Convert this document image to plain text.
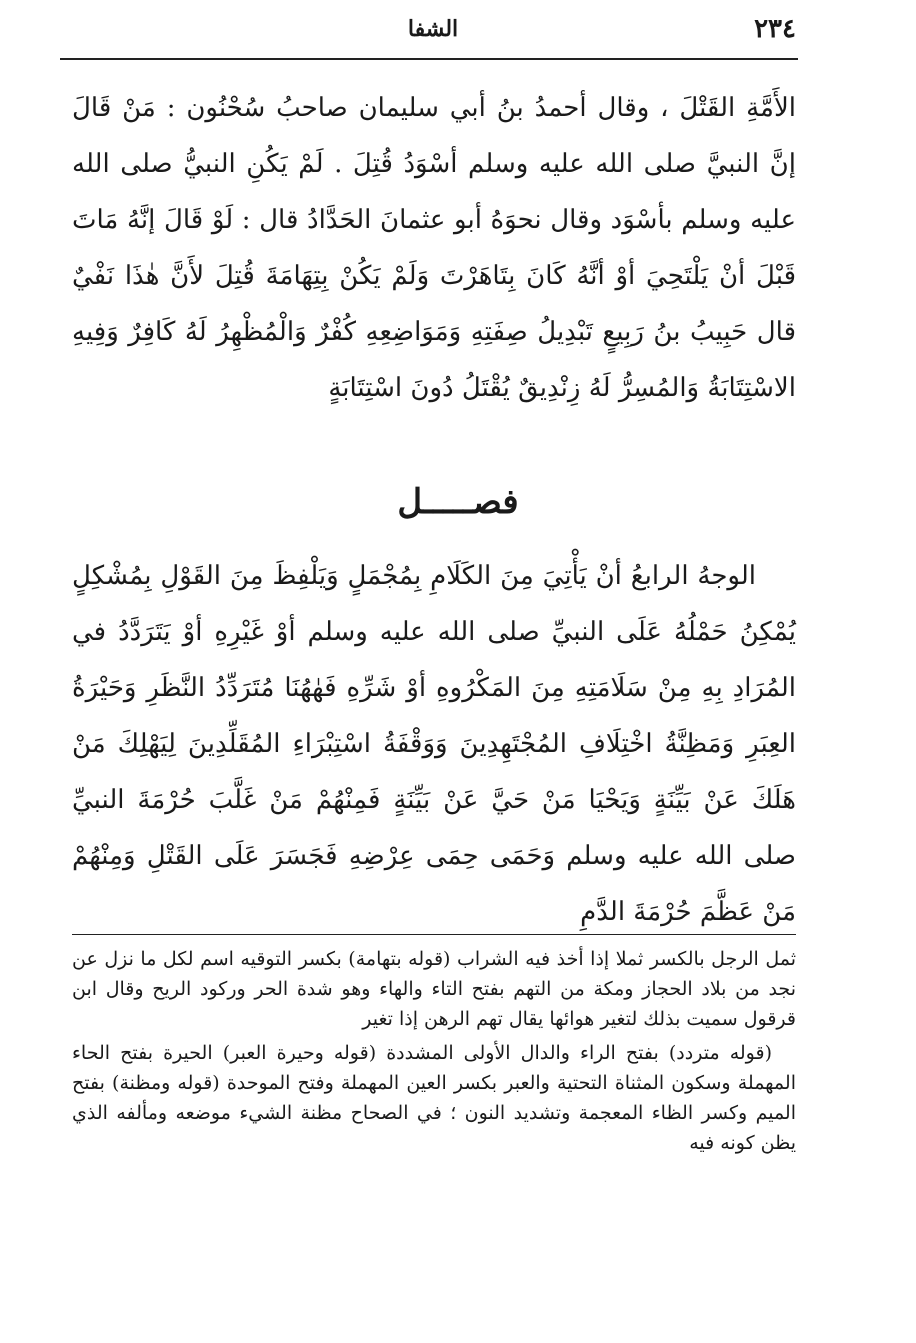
٢٣٤
الشفا

الأَمَّةِ القَتْلَ ، وقال أحمدُ بنُ أبي سليمان صاحبُ سُحْنُون : مَنْ قَالَ إنَّ النبيَّ صلى الله عليه وسلم أسْوَدُ قُتِلَ . لَمْ يَكُنِ النبيُّ صلى الله عليه وسلم بأسْوَد وقال نحوَهُ أبو عثمانَ الحَدَّادُ قال : لَوْ قَالَ إنَّهُ مَاتَ قَبْلَ أنْ يَلْتَحِيَ أوْ أنَّهُ كَانَ بِتَاهَرْتَ وَلَمْ يَكُنْ بِتِهَامَةَ قُتِلَ لأَنَّ هٰذَا نَفْيٌ قال حَبِيبُ بنُ رَبِيعٍ تَبْدِيلُ صِفَتِهِ وَمَوَاضِعِهِ كُفْرٌ وَالْمُظْهِرُ لَهُ كَافِرٌ وَفِيهِ الاسْتِتَابَةُ وَالمُسِرُّ لَهُ زِنْدِيقٌ يُقْتَلُ دُونَ اسْتِتَابَةٍ

فصـــــل

الوجهُ الرابعُ أنْ يَأْتِيَ مِنَ الكَلَامِ بِمُجْمَلٍ وَيَلْفِظَ مِنَ القَوْلِ بِمُشْكِلٍ يُمْكِنُ حَمْلُهُ عَلَى النبيِّ صلى الله عليه وسلم أوْ غَيْرِهِ أوْ يَتَرَدَّدُ في المُرَادِ بِهِ مِنْ سَلَامَتِهِ مِنَ المَكْرُوهِ أوْ شَرِّهِ فَهٰهُنَا مُتَرَدِّدُ النَّظَرِ وَحَيْرَةُ العِبَرِ وَمَظِنَّةُ اخْتِلَافِ المُجْتَهِدِينَ وَوَقْفَةُ اسْتِبْرَاءِ المُقَلِّدِينَ لِيَهْلِكَ مَنْ هَلَكَ عَنْ بَيِّنَةٍ وَيَحْيَا مَنْ حَيَّ عَنْ بَيِّنَةٍ فَمِنْهُمْ مَنْ غَلَّبَ حُرْمَةَ النبيِّ صلى الله عليه وسلم وَحَمَى حِمَى عِرْضِهِ فَجَسَرَ عَلَى القَتْلِ وَمِنْهُمْ مَنْ عَظَّمَ حُرْمَةَ الدَّمِ

ثمل الرجل بالكسر ثملا إذا أخذ فيه الشراب (قوله بتهامة) بكسر التوقيه اسم لكل ما نزل عن نجد من بلاد الحجاز ومكة من التهم بفتح التاء والهاء وهو شدة الحر وركود الريح وقال ابن قرقول سميت بذلك لتغير هوائها يقال تهم الرهن إذا تغير

(قوله متردد) بفتح الراء والدال الأولى المشددة (قوله وحيرة العبر) الحيرة بفتح الحاء المهملة وسكون المثناة التحتية والعبر بكسر العين المهملة وفتح الموحدة (قوله ومظنة) بفتح الميم وكسر الظاء المعجمة وتشديد النون ؛ في الصحاح مظنة الشيء موضعه ومألفه الذي يظن كونه فيه
